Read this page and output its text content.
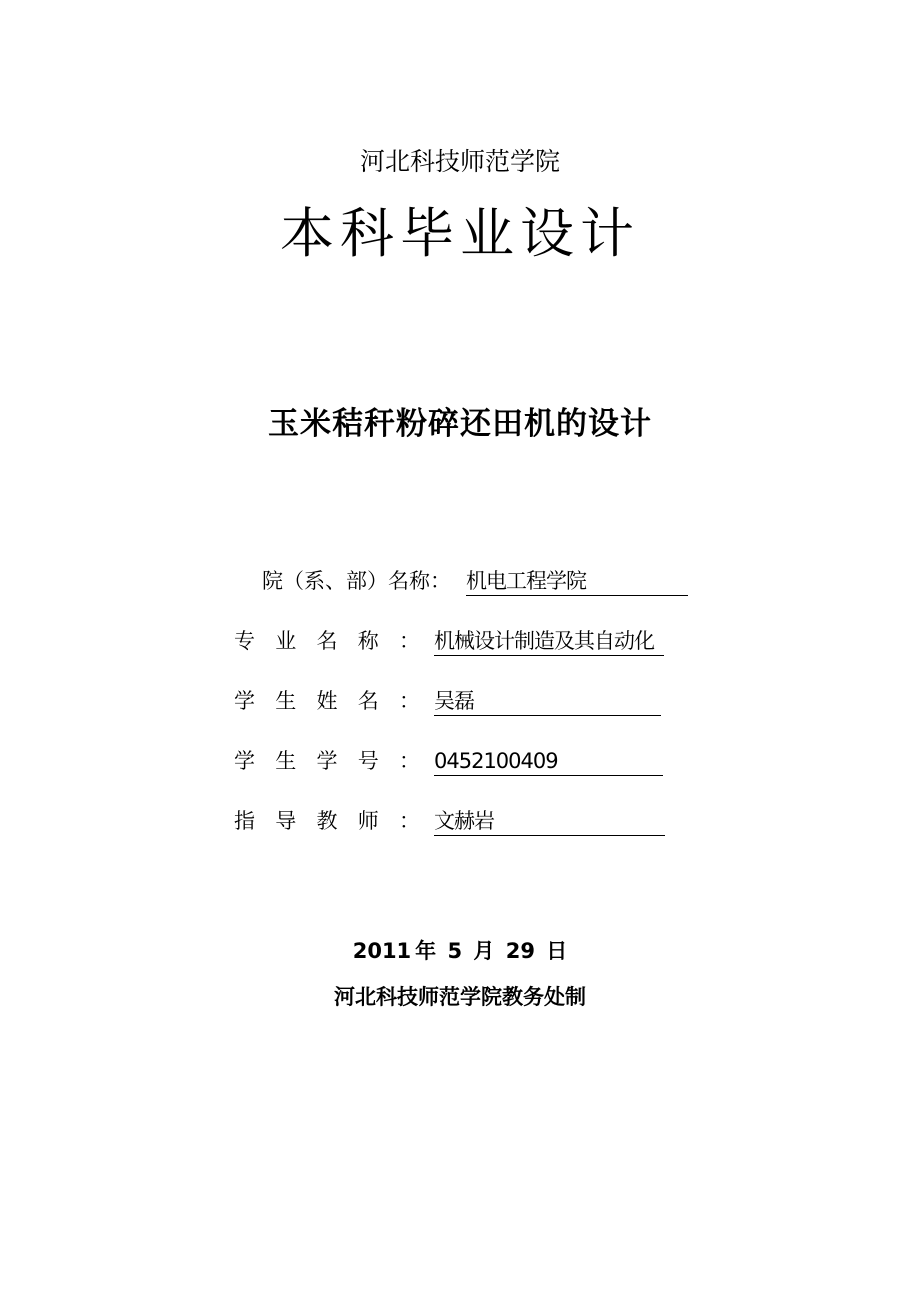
河北科技师范学院
本科毕业设计
玉米秸秆粉碎还田机的设计
院（系、部）名称： 机电工程学院
专 业 名 称 ： 机械设计制造及其自动化
学 生 姓 名 ： 吴磊
学 生 学 号 ： 0452100409
指 导 教 师 ： 文赫岩
2011 年 5 月 29 日
河北科技师范学院教务处制
